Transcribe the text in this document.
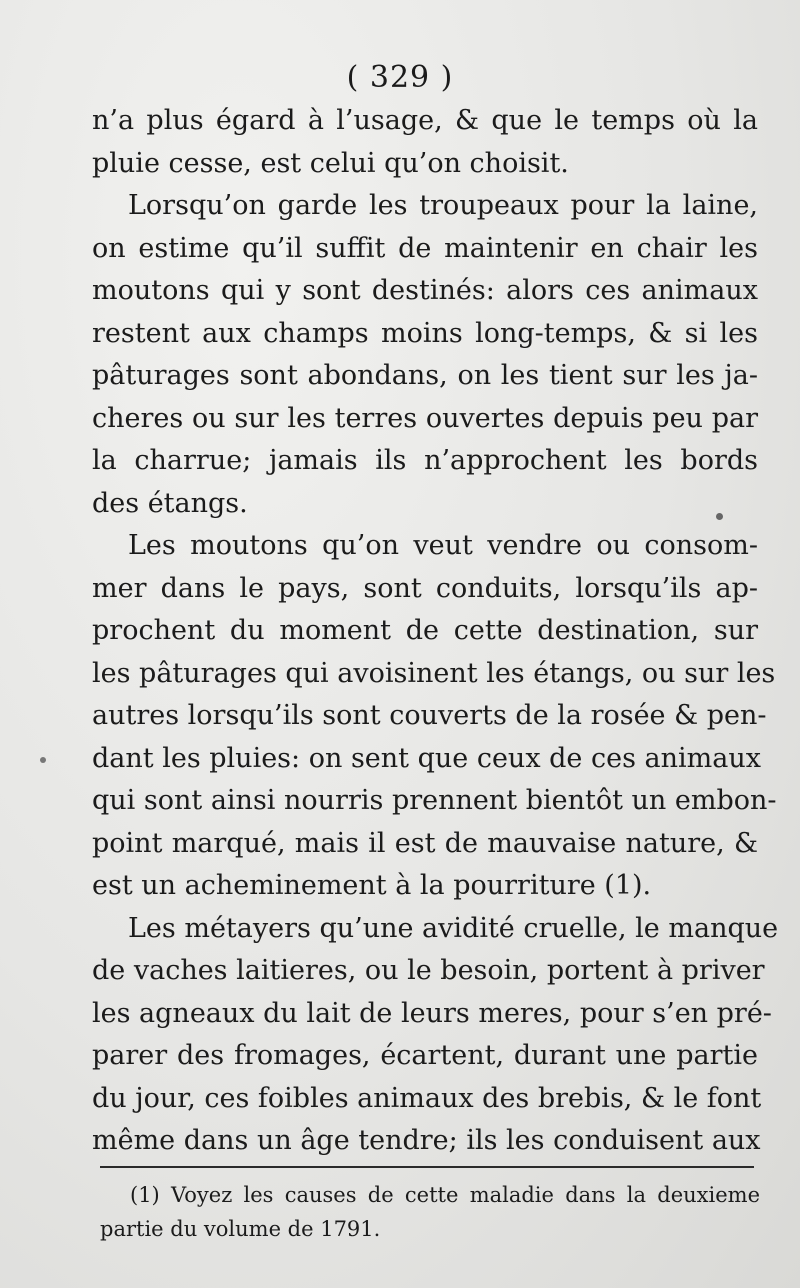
( 329 )
n’a plus égard à l’usage, & que le temps où la
pluie cesse, est celui qu’on choisit.
Lorsqu’on garde les troupeaux pour la laine,
on estime qu’il suffit de maintenir en chair les
moutons qui y sont destinés: alors ces animaux
restent aux champs moins long-temps, & si les
pâturages sont abondans, on les tient sur les ja-
cheres ou sur les terres ouvertes depuis peu par
la charrue; jamais ils n’approchent les bords
des étangs.
Les moutons qu’on veut vendre ou consom-
mer dans le pays, sont conduits, lorsqu’ils ap-
prochent du moment de cette destination, sur
les pâturages qui avoisinent les étangs, ou sur les
autres lorsqu’ils sont couverts de la rosée & pen-
dant les pluies: on sent que ceux de ces animaux
qui sont ainsi nourris prennent bientôt un embon-
point marqué, mais il est de mauvaise nature, &
est un acheminement à la pourriture (1).
Les métayers qu’une avidité cruelle, le manque
de vaches laitieres, ou le besoin, portent à priver
les agneaux du lait de leurs meres, pour s’en pré-
parer des fromages, écartent, durant une partie
du jour, ces foibles animaux des brebis, & le font
même dans un âge tendre; ils les conduisent aux
(1) Voyez les causes de cette maladie dans la deuxieme
partie du volume de 1791.
